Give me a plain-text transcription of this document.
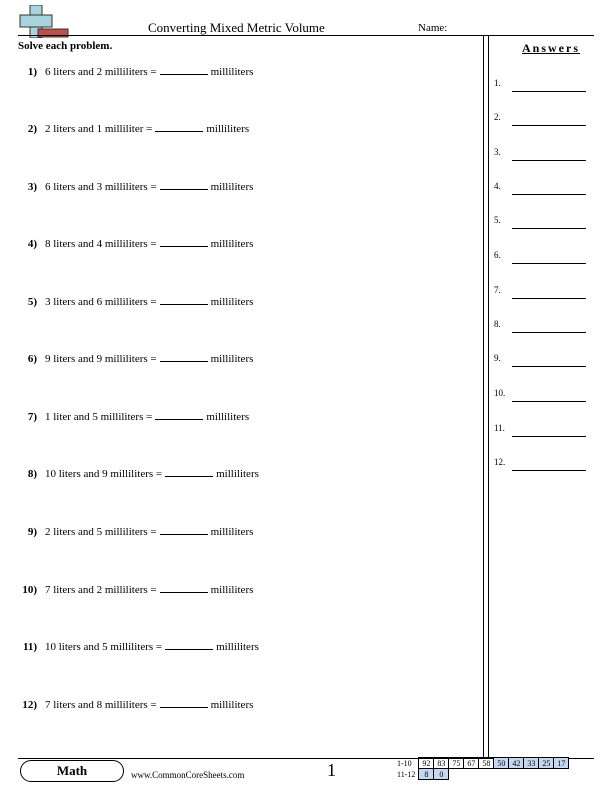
Converting Mixed Metric Volume	Name:
Solve each problem.
1) 6 liters and 2 milliliters =	milliliters
2) 2 liters and 1 milliliter =	milliliters
3) 6 liters and 3 milliliters =	milliliters
4) 8 liters and 4 milliliters =	milliliters
5) 3 liters and 6 milliliters =	milliliters
6) 9 liters and 9 milliliters =	milliliters
7) 1 liter and 5 milliliters =	milliliters
8) 10 liters and 9 milliliters =	milliliters
9) 2 liters and 5 milliliters =	milliliters
10) 7 liters and 2 milliliters =	milliliters
11) 10 liters and 5 milliliters =	milliliters
12) 7 liters and 8 milliliters =	milliliters
Answers
1.
2.
3.
4.
5.
6.
7.
8.
9.
10.
11.
12.
Math	www.CommonCoreSheets.com	1	1-10	92	83	75	67	58	50	42	33	25	17
11-12	8	0								
